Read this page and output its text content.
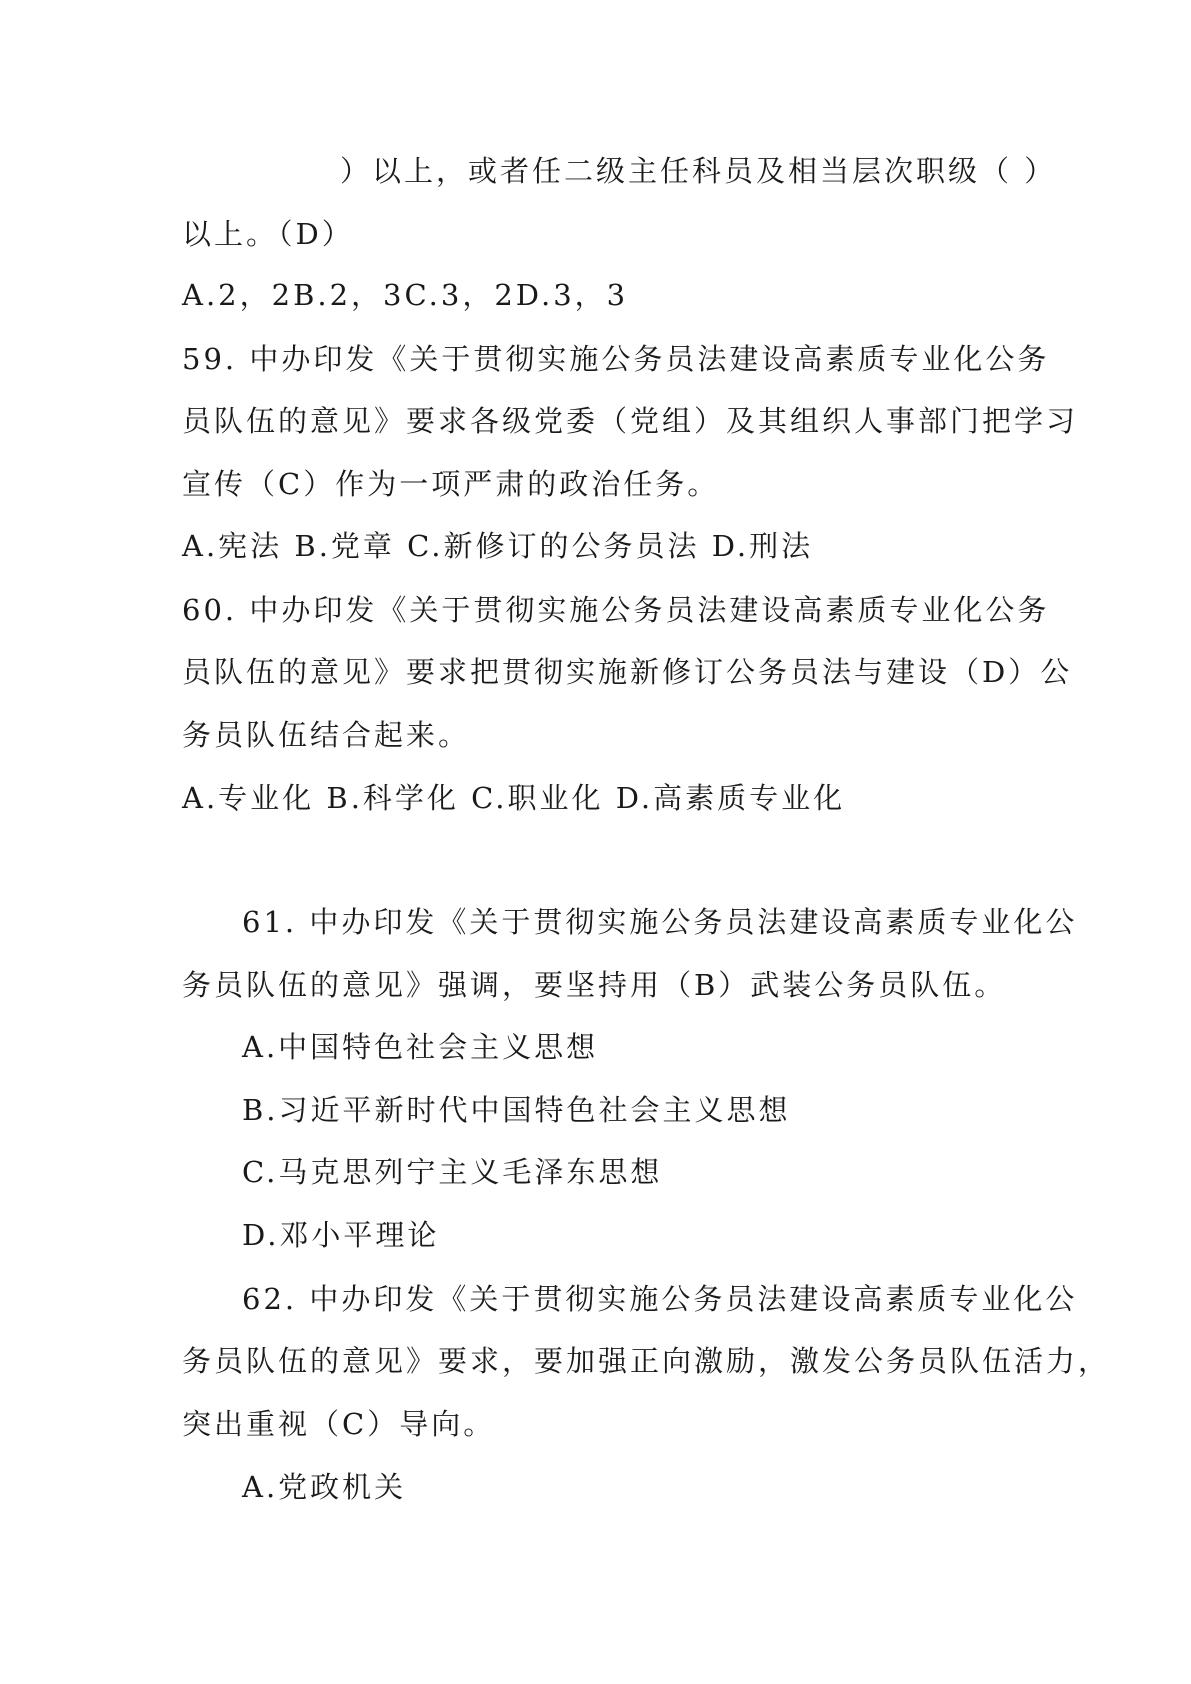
）以上，或者任二级主任科员及相当层次职级（ ）
以上。（D）
A.2，2B.2，3C.3，2D.3，3
59. 中办印发《关于贯彻实施公务员法建设高素质专业化公务
员队伍的意见》要求各级党委（党组）及其组织人事部门把学习
宣传（C）作为一项严肃的政治任务。
A.宪法 B.党章 C.新修订的公务员法 D.刑法
60. 中办印发《关于贯彻实施公务员法建设高素质专业化公务
员队伍的意见》要求把贯彻实施新修订公务员法与建设（D）公
务员队伍结合起来。
A.专业化 B.科学化 C.职业化 D.高素质专业化
61. 中办印发《关于贯彻实施公务员法建设高素质专业化公
务员队伍的意见》强调，要坚持用（B）武装公务员队伍。
A.中国特色社会主义思想
B.习近平新时代中国特色社会主义思想
C.马克思列宁主义毛泽东思想
D.邓小平理论
62. 中办印发《关于贯彻实施公务员法建设高素质专业化公
务员队伍的意见》要求，要加强正向激励，激发公务员队伍活力，
突出重视（C）导向。
A.党政机关
